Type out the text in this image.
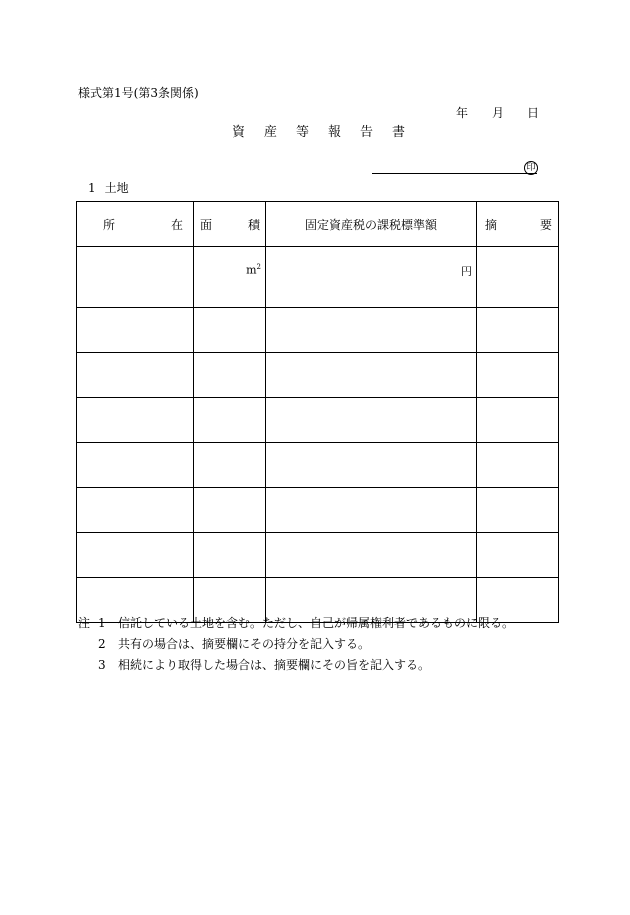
様式第1号(第3条関係)
年 月 日
資産等報告書
印
1 土地
所 在	面 積	固定資産税の課税標準額	摘 要

	$m^2$	円	

注 1	信託している土地を含む。ただし、自己が帰属権利者であるものに限る。
2	共有の場合は、摘要欄にその持分を記入する。
3	相続により取得した場合は、摘要欄にその旨を記入する。
